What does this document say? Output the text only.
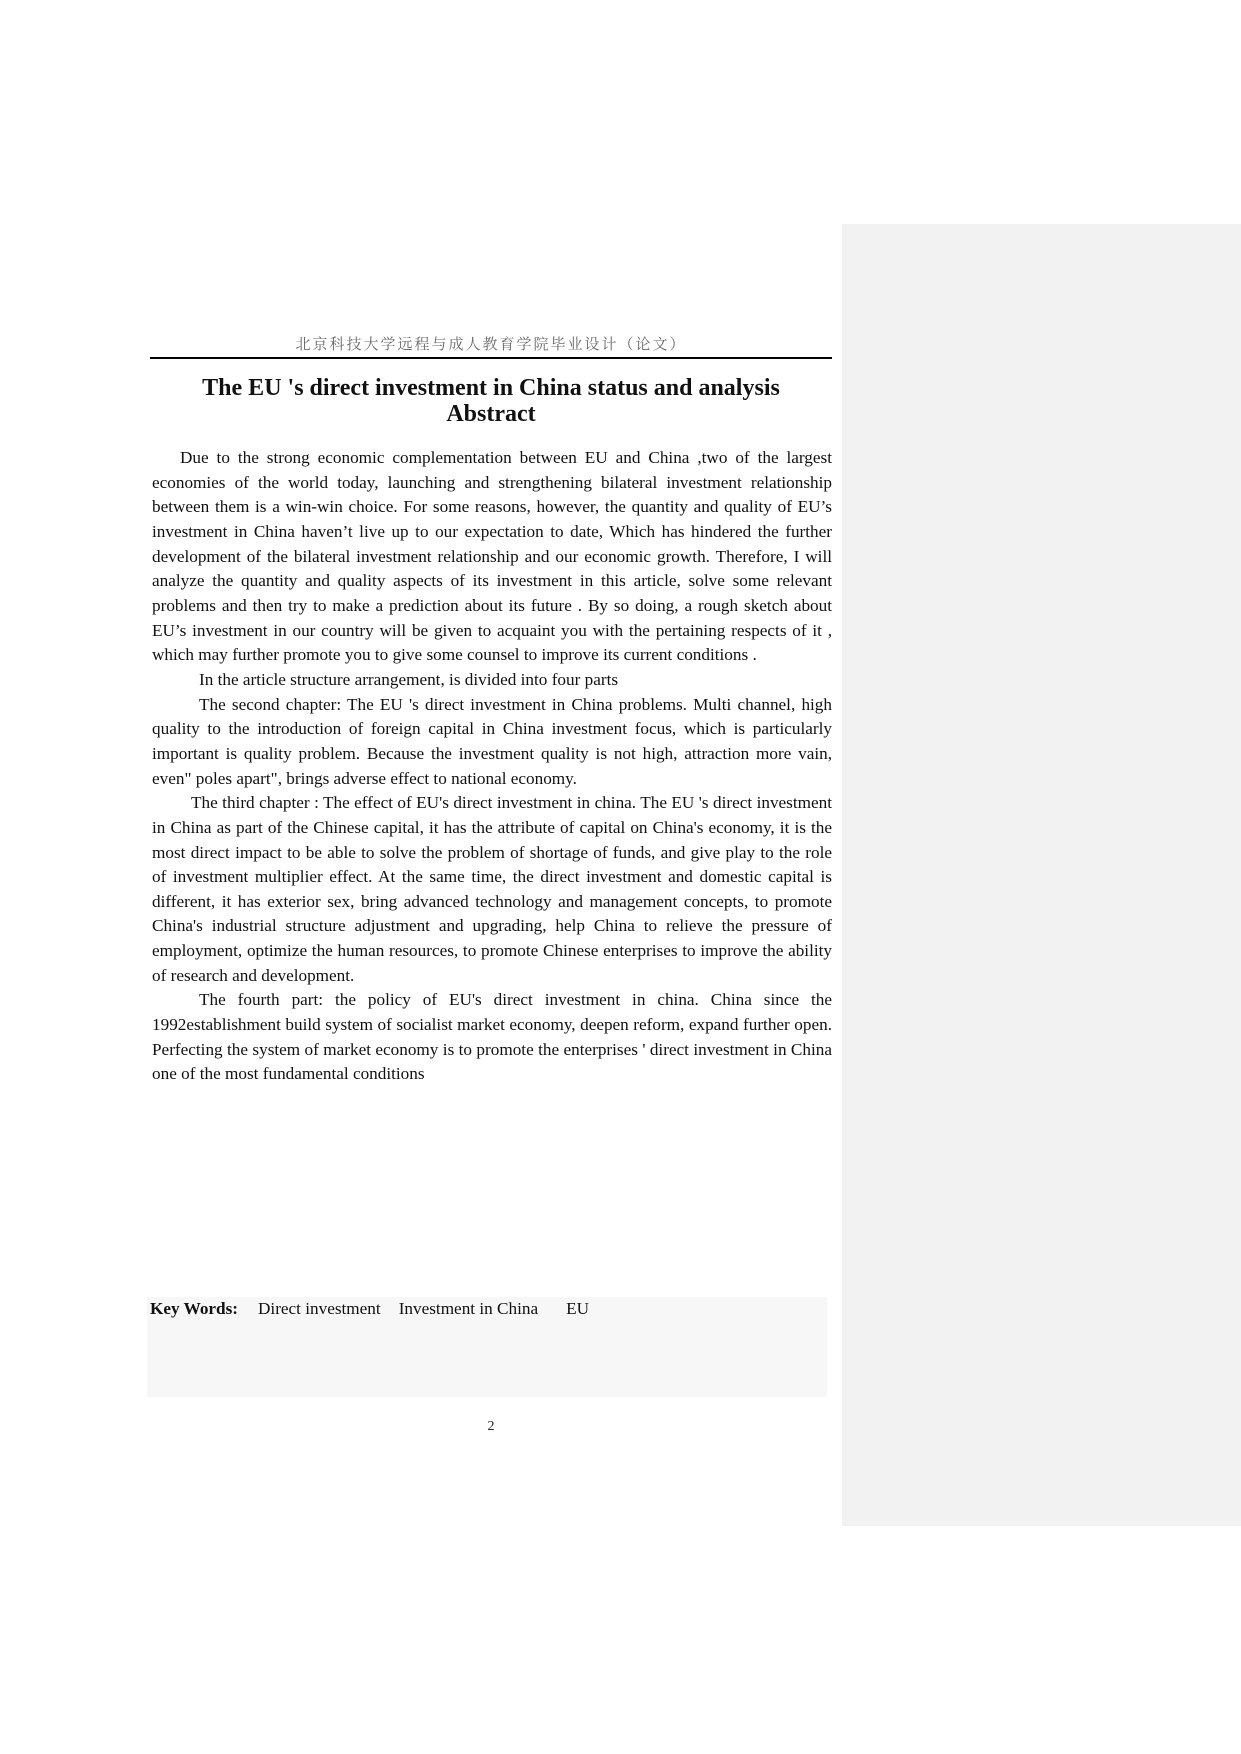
北京科技大学远程与成人教育学院毕业设计（论文）
The EU 's direct investment in China status and analysis
Abstract

Due to the strong economic complementation between EU and China ,two of the largest economies of the world today, launching and strengthening bilateral investment relationship between them is a win-win choice. For some reasons, however, the quantity and quality of EU’s investment in China haven’t live up to our expectation to date, Which has hindered the further development of the bilateral investment relationship and our economic growth. Therefore, I will analyze the quantity and quality aspects of its investment in this article, solve some relevant problems and then try to make a prediction about its future . By so doing, a rough sketch about EU’s investment in our country will be given to acquaint you with the pertaining respects of it , which may further promote you to give some counsel to improve its current conditions .

In the article structure arrangement, is divided into four parts

The second chapter: The EU 's direct investment in China problems. Multi channel, high quality to the introduction of foreign capital in China investment focus, which is particularly important is quality problem. Because the investment quality is not high, attraction more vain, even" poles apart", brings adverse effect to national economy.

The third chapter : The effect of EU's direct investment in china. The EU 's direct investment in China as part of the Chinese capital, it has the attribute of capital on China's economy, it is the most direct impact to be able to solve the problem of shortage of funds, and give play to the role of investment multiplier effect. At the same time, the direct investment and domestic capital is different, it has exterior sex, bring advanced technology and management concepts, to promote China's industrial structure adjustment and upgrading, help China to relieve the pressure of employment, optimize the human resources, to promote Chinese enterprises to improve the ability of research and development.

The fourth part: the policy of EU's direct investment in china. China since the 1992establishment build system of socialist market economy, deepen reform, expand further open. Perfecting the system of market economy is to promote the enterprises ' direct investment in China one of the most fundamental conditions

Key Words: Direct investment Investment in China EU
2
